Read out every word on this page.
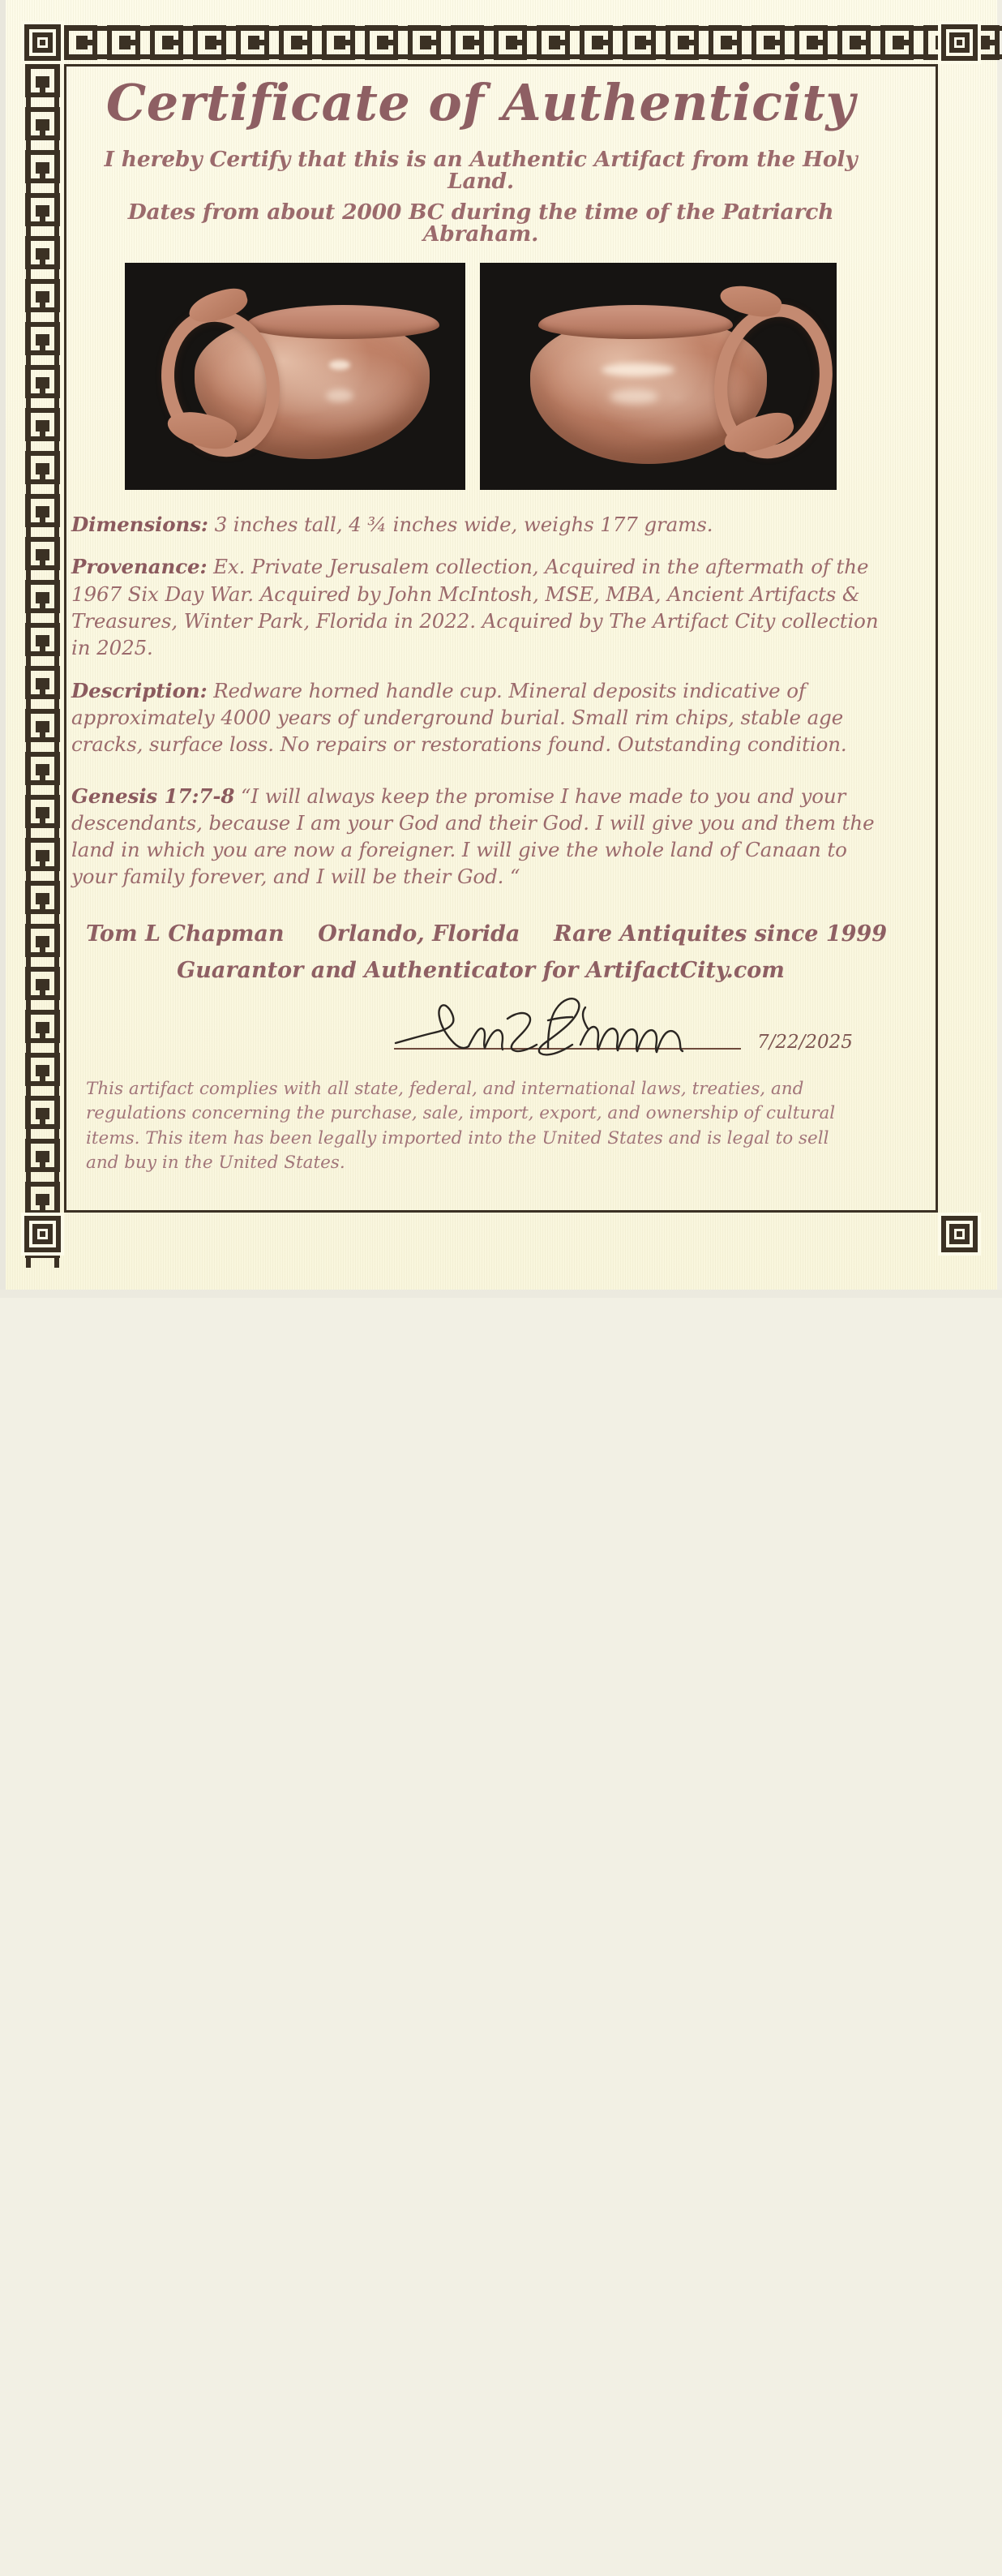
Certificate of Authenticity

I hereby Certify that this is an Authentic Artifact from the Holy Land.

Dates from about 2000 BC during the time of the Patriarch Abraham.

Dimensions: 3 inches tall, 4 ¾ inches wide, weighs 177 grams.

Provenance: Ex. Private Jerusalem collection, Acquired in the aftermath of the 1967 Six Day War. Acquired by John McIntosh, MSE, MBA, Ancient Artifacts & Treasures, Winter Park, Florida in 2022. Acquired by The Artifact City collection in 2025.

Description: Redware horned handle cup. Mineral deposits indicative of approximately 4000 years of underground burial. Small rim chips, stable age cracks, surface loss. No repairs or restorations found. Outstanding condition.

Genesis 17:7-8 “I will always keep the promise I have made to you and your descendants, because I am your God and their God. I will give you and them the land in which you are now a foreigner. I will give the whole land of Canaan to your family forever, and I will be their God. “

Tom L Chapman Orlando, Florida Rare Antiquites since 1999
Guarantor and Authenticator for ArtifactCity.com
7/22/2025

This artifact complies with all state, federal, and international laws, treaties, and regulations concerning the purchase, sale, import, export, and ownership of cultural items. This item has been legally imported into the United States and is legal to sell and buy in the United States.
